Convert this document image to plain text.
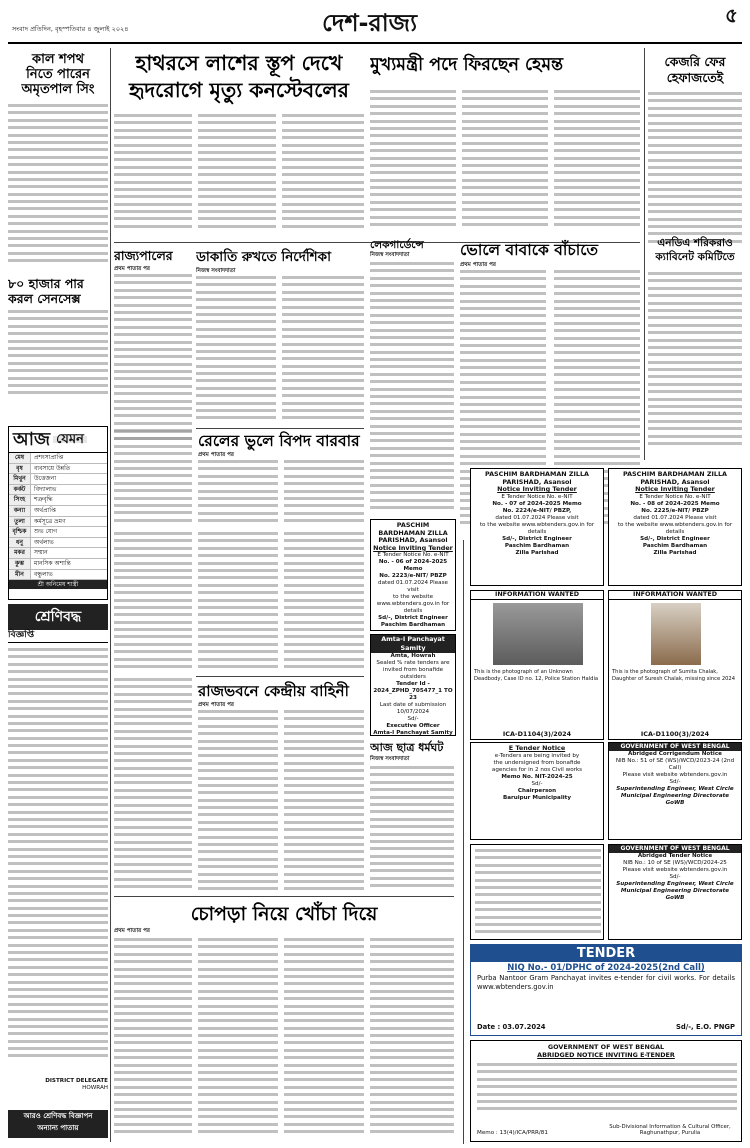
সংবাদ প্রতিদিন, বৃহস্পতিবার ৪ জুলাই ২০২৪	দেশ-রাজ্য	৫
কাল শপথ
নিতে পারেন
অমৃতপাল সিং
৮০ হাজার পার
করল সেনসেক্স
আজ যেমন
মেষ	প্রশংসাপ্রাপ্তি
বৃষ	ব্যবসায়ে উন্নতি
মিথুন	উত্তেজনা
কর্কট	বিদ্যালাভ
সিংহ	শত্রুবৃদ্ধি
কন্যা	অর্থপ্রাপ্তি
তুলা	কর্মসূত্রে ভ্রমণ
বৃশ্চিক	শুভ যোগ
ধনু	অর্থলাভ
মকর	সম্মান
কুম্ভ	মানসিক অশান্তি
মীন	বন্ধুলাভ
শ্রী অনিমেষ শাস্ত্রী
শ্রেণিবদ্ধ
বিজ্ঞপ্তি
DISTRICT DELEGATE
HOWRAH
আরও শ্রেণিবদ্ধ বিজ্ঞাপন
অন্যান্য পাতায়
হাথরসে লাশের স্তূপ দেখে
হৃদরোগে মৃত্যু কনস্টেবলের
মুখ্যমন্ত্রী পদে ফিরছেন হেমন্ত	কেজরি ফের
হেফাজতেই
এনডিএ শরিকরাও
ক্যাবিনেট কমিটিতে
রাজ্যপালের
প্রথম পাতার পর
ডাকাতি রুখতে নির্দেশিকা
নিজস্ব সংবাদদাতা
লেকগার্ডেন্সে
নিজস্ব সংবাদদাতা	ভোলে বাবাকে বাঁচাতে
প্রথম পাতার পর
রেলের ভুলে বিপদ বারবার
প্রথম পাতার পর
রাজভবনে কেন্দ্রীয় বাহিনী
প্রথম পাতার পর
চোপড়া নিয়ে খোঁচা দিয়ে
প্রথম পাতার পর
আজ ছাত্র ধর্মঘট
নিজস্ব সংবাদদাতা
PASCHIM BARDHAMAN ZILLA PARISHAD, Asansol
Notice Inviting Tender
E Tender Notice No. e-NIT
No. - 06 of 2024-2025 Memo
No. 2223/e-NIT/ PBZP
dated 01.07.2024 Please visit
to the website www.wbtenders.gov.in for details
Sd/-, District Engineer
Paschim Bardhaman
PASCHIM BARDHAMAN ZILLA PARISHAD, Asansol
Notice Inviting Tender
E Tender Notice No. e-NIT
No. - 07 of 2024-2025 Memo
No. 2224/e-NIT/ PBZP,
dated 01.07.2024 Please visit
to the website www.wbtenders.gov.in for details
Sd/-, District Engineer
Paschim Bardhaman
Zilla Parishad
PASCHIM BARDHAMAN ZILLA PARISHAD, Asansol
Notice Inviting Tender
E Tender Notice No. e-NIT
No. - 08 of 2024-2025 Memo
No. 2225/e-NIT/ PBZP
dated 01.07.2024 Please visit
to the website www.wbtenders.gov.in for details
Sd/-, District Engineer
Paschim Bardhaman
Zilla Parishad
Amta-I Panchayat Samity
Amta, Howrah
Sealed % rate tenders are invited from bonafide outsiders
Tender Id - 2024_ZPHD_705477_1 TO 23
Last date of submission 10/07/2024
Sd/-
Executive Officer
Amta-I Panchayat Samity
E Tender Notice
e-Tenders are being invited by
the undersigned from bonafide
agencies for in 2 nos Civil works
Memo No. NIT-2024-25
Sd/-
Chairperson
Baruipur Municipality
INFORMATION WANTED
This is the photograph of an Unknown Deadbody, Case ID no. 12, Police Station Haldia
ICA-D1104(3)/2024
INFORMATION WANTED
This is the photograph of Sumita Chalak, Daughter of Suresh Chalak, missing since 2024
ICA-D1100(3)/2024
GOVERNMENT OF WEST BENGAL
Abridged Corrigendum Notice
NIB No.: 51 of SE (WS)/WCD/2023-24 (2nd Call)
Please visit website wbtenders.gov.in
Sd/-
Superintending Engineer, West Circle
Municipal Engineering Directorate
GoWB
GOVERNMENT OF WEST BENGAL
Abridged Tender Notice
NIB No.: 10 of SE (WS)/WCD/2024-25
Please visit website wbtenders.gov.in
Sd/-
Superintending Engineer, West Circle
Municipal Engineering Directorate
GoWB
TENDER
NIQ No.- 01/DPHC of 2024-2025(2nd Call)
Purba Nantoor Gram Panchayat invites e-tender for civil works. For details www.wbtenders.gov.in
Date : 03.07.2024	Sd/-, E.O. PNGP
GOVERNMENT OF WEST BENGAL
ABRIDGED NOTICE INVITING E-TENDER
Memo : 13(4)/ICA/PRR/81
Sub-Divisional Information & Cultural Officer, Raghunathpur, Purulia
